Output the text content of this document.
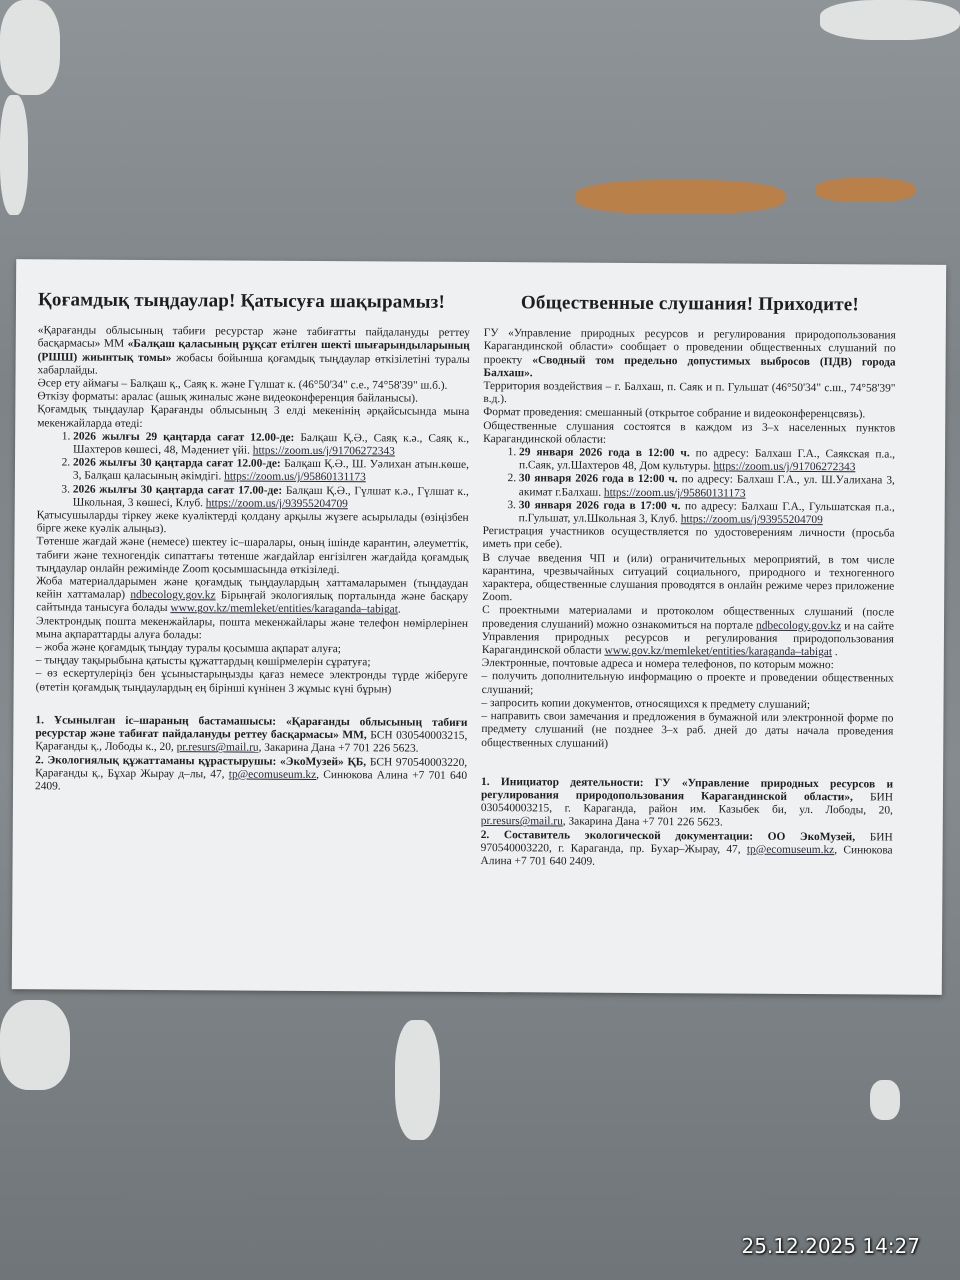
Қоғамдық тыңдаулар! Қатысуға шақырамыз!

«Қарағанды облысының табиғи ресурстар және табиғатты пайдалануды реттеу басқармасы» ММ «Балқаш қаласының рұқсат етілген шекті шығарындыларының (РШШ) жиынтық томы» жобасы бойынша қоғамдық тыңдаулар өткізілетіні туралы хабарлайды.

Әсер ету аймағы – Балқаш қ., Саяқ к. және Гүлшат к. (46°50'34" с.е., 74°58'39" ш.б.).

Өткізу форматы: аралас (ашық жиналыс және видеоконференция байланысы).

Қоғамдық тыңдаулар Қарағанды облысының 3 елді мекенінің әрқайсысында мына мекенжайларда өтеді:

1. 2026 жылғы 29 қаңтарда сағат 12.00-де: Балқаш Қ.Ә., Саяқ к.ә., Саяқ к., Шахтеров көшесі, 48, Мәдениет үйі. https://zoom.us/j/91706272343
2. 2026 жылғы 30 қаңтарда сағат 12.00-де: Балқаш Қ.Ә., Ш. Уәлихан атын.көше, 3, Балқаш қаласының әкімдігі. https://zoom.us/j/95860131173
3. 2026 жылғы 30 қаңтарда сағат 17.00-де: Балқаш Қ.Ә., Гүлшат к.ә., Гүлшат к., Школьная, 3 көшесі, Клуб. https://zoom.us/j/93955204709

Қатысушыларды тіркеу жеке куәліктерді қолдану арқылы жүзеге асырылады (өзіңізбен бірге жеке куәлік алыңыз).

Төтенше жағдай және (немесе) шектеу іс–шаралары, оның ішінде карантин, әлеуметтік, табиғи және техногендік сипаттағы төтенше жағдайлар енгізілген жағдайда қоғамдық тыңдаулар онлайн режимінде Zoom қосымшасында өткізіледі.

Жоба материалдарымен және қоғамдық тыңдаулардың хаттамаларымен (тыңдаудан кейін хаттамалар) ndbecology.gov.kz Бірыңғай экологиялық порталында және басқару сайтында танысуға болады www.gov.kz/memleket/entities/karaganda–tabigat.

Электрондық пошта мекенжайлары, пошта мекенжайлары және телефон нөмірлерінен мына ақпараттарды алуға болады:

– жоба және қоғамдық тыңдау туралы қосымша ақпарат алуға;

– тыңдау тақырыбына қатысты құжаттардың көшірмелерін сұратуға;

– өз ескертулеріңіз бен ұсыныстарыңызды қағаз немесе электронды түрде жіберуге (өтетін қоғамдық тыңдаулардың ең біріншi күнінен 3 жұмыс күні бұрын)

1. Ұсынылған іс–шараның бастамашысы: «Қарағанды облысының табиғи ресурстар және табиғат пайдалануды реттеу басқармасы» ММ, БСН 030540003215, Қарағанды қ., Лободы к., 20, pr.resurs@mail.ru, Закарина Дана +7 701 226 5623.

2. Экологиялық құжаттаманы құрастырушы: «ЭкоМузей» ҚБ, БСН 970540003220, Қарағанды қ., Бұхар Жырау д–лы, 47, tp@ecomuseum.kz, Синюкова Алина +7 701 640 2409.

Общественные слушания! Приходите!

ГУ «Управление природных ресурсов и регулирования природопользования Карагандинской области» сообщает о проведении общественных слушаний по проекту «Сводный том предельно допустимых выбросов (ПДВ) города Балхаш».

Территория воздействия – г. Балхаш, п. Саяк и п. Гульшат (46°50'34" с.ш., 74°58'39" в.д.).

Формат проведения: смешанный (открытое собрание и видеоконференцсвязь).

Общественные слушания состоятся в каждом из 3–х населенных пунктов Карагандинской области:

1. 29 января 2026 года в 12:00 ч. по адресу: Балхаш Г.А., Саякская п.а., п.Саяк, ул.Шахтеров 48, Дом культуры. https://zoom.us/j/91706272343
2. 30 января 2026 года в 12:00 ч. по адресу: Балхаш Г.А., ул. Ш.Уалихана 3, акимат г.Балхаш. https://zoom.us/j/95860131173
3. 30 января 2026 года в 17:00 ч. по адресу: Балхаш Г.А., Гульшатская п.а., п.Гульшат, ул.Школьная 3, Клуб. https://zoom.us/j/93955204709

Регистрация участников осуществляется по удостоверениям личности (просьба иметь при себе).

В случае введения ЧП и (или) ограничительных мероприятий, в том числе карантина, чрезвычайных ситуаций социального, природного и техногенного характера, общественные слушания проводятся в онлайн режиме через приложение Zoom.

С проектными материалами и протоколом общественных слушаний (после проведения слушаний) можно ознакомиться на портале ndbecology.gov.kz и на сайте Управления природных ресурсов и регулирования природопользования Карагандинской области www.gov.kz/memleket/entities/karaganda–tabigat .

Электронные, почтовые адреса и номера телефонов, по которым можно:

– получить дополнительную информацию о проекте и проведении общественных слушаний;

– запросить копии документов, относящихся к предмету слушаний;

– направить свои замечания и предложения в бумажной или электронной форме по предмету слушаний (не позднее 3–х раб. дней до даты начала проведения общественных слушаний)

1. Инициатор деятельности: ГУ «Управление природных ресурсов и регулирования природопользования Карагандинской области», БИН 030540003215, г. Караганда, район им. Казыбек би, ул. Лободы, 20, pr.resurs@mail.ru, Закарина Дана +7 701 226 5623.

2. Составитель экологической документации: ОО ЭкоМузей, БИН 970540003220, г. Караганда, пр. Бухар–Жырау, 47, tp@ecomuseum.kz, Синюкова Алина +7 701 640 2409.

25.12.2025 14:27
